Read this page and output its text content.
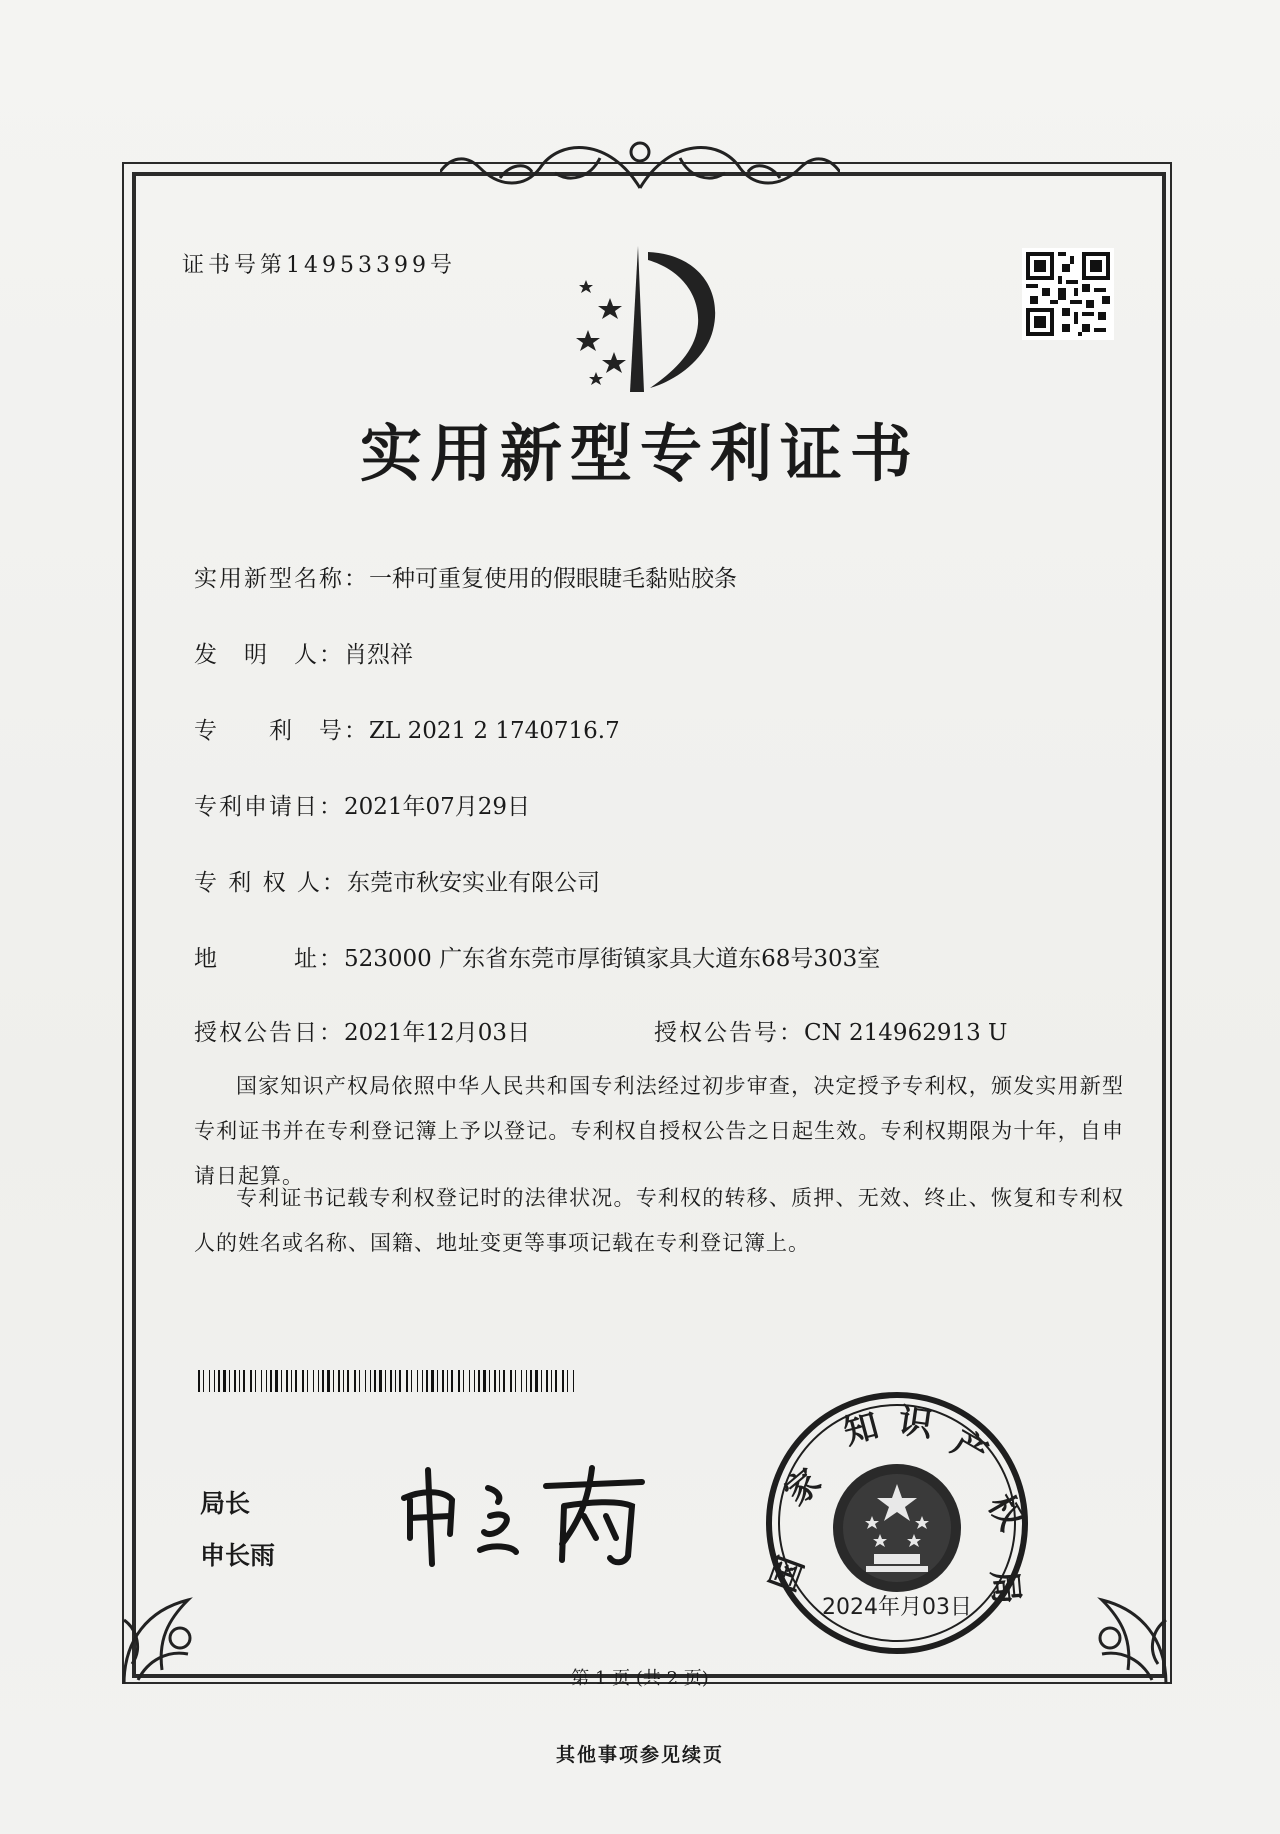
证书号第14953399号
实用新型专利证书
实用新型名称：一种可重复使用的假眼睫毛黏贴胶条
发　明　人：肖烈祥
专　　利　号：ZL 2021 2 1740716.7
专利申请日：2021年07月29日
专 利 权 人：东莞市秋安实业有限公司
地　　　址：523000 广东省东莞市厚街镇家具大道东68号303室
授权公告日：2021年12月03日	授权公告号：CN 214962913 U
国家知识产权局依照中华人民共和国专利法经过初步审查，决定授予专利权，颁发实用新型专利证书并在专利登记簿上予以登记。专利权自授权公告之日起生效。专利权期限为十年，自申请日起算。
专利证书记载专利权登记时的法律状况。专利权的转移、质押、无效、终止、恢复和专利权人的姓名或名称、国籍、地址变更等事项记载在专利登记簿上。
局长
申长雨	国
家
知 识 产
权
局
2024年月03日
第 1 页 (共 2 页)
其他事项参见续页
